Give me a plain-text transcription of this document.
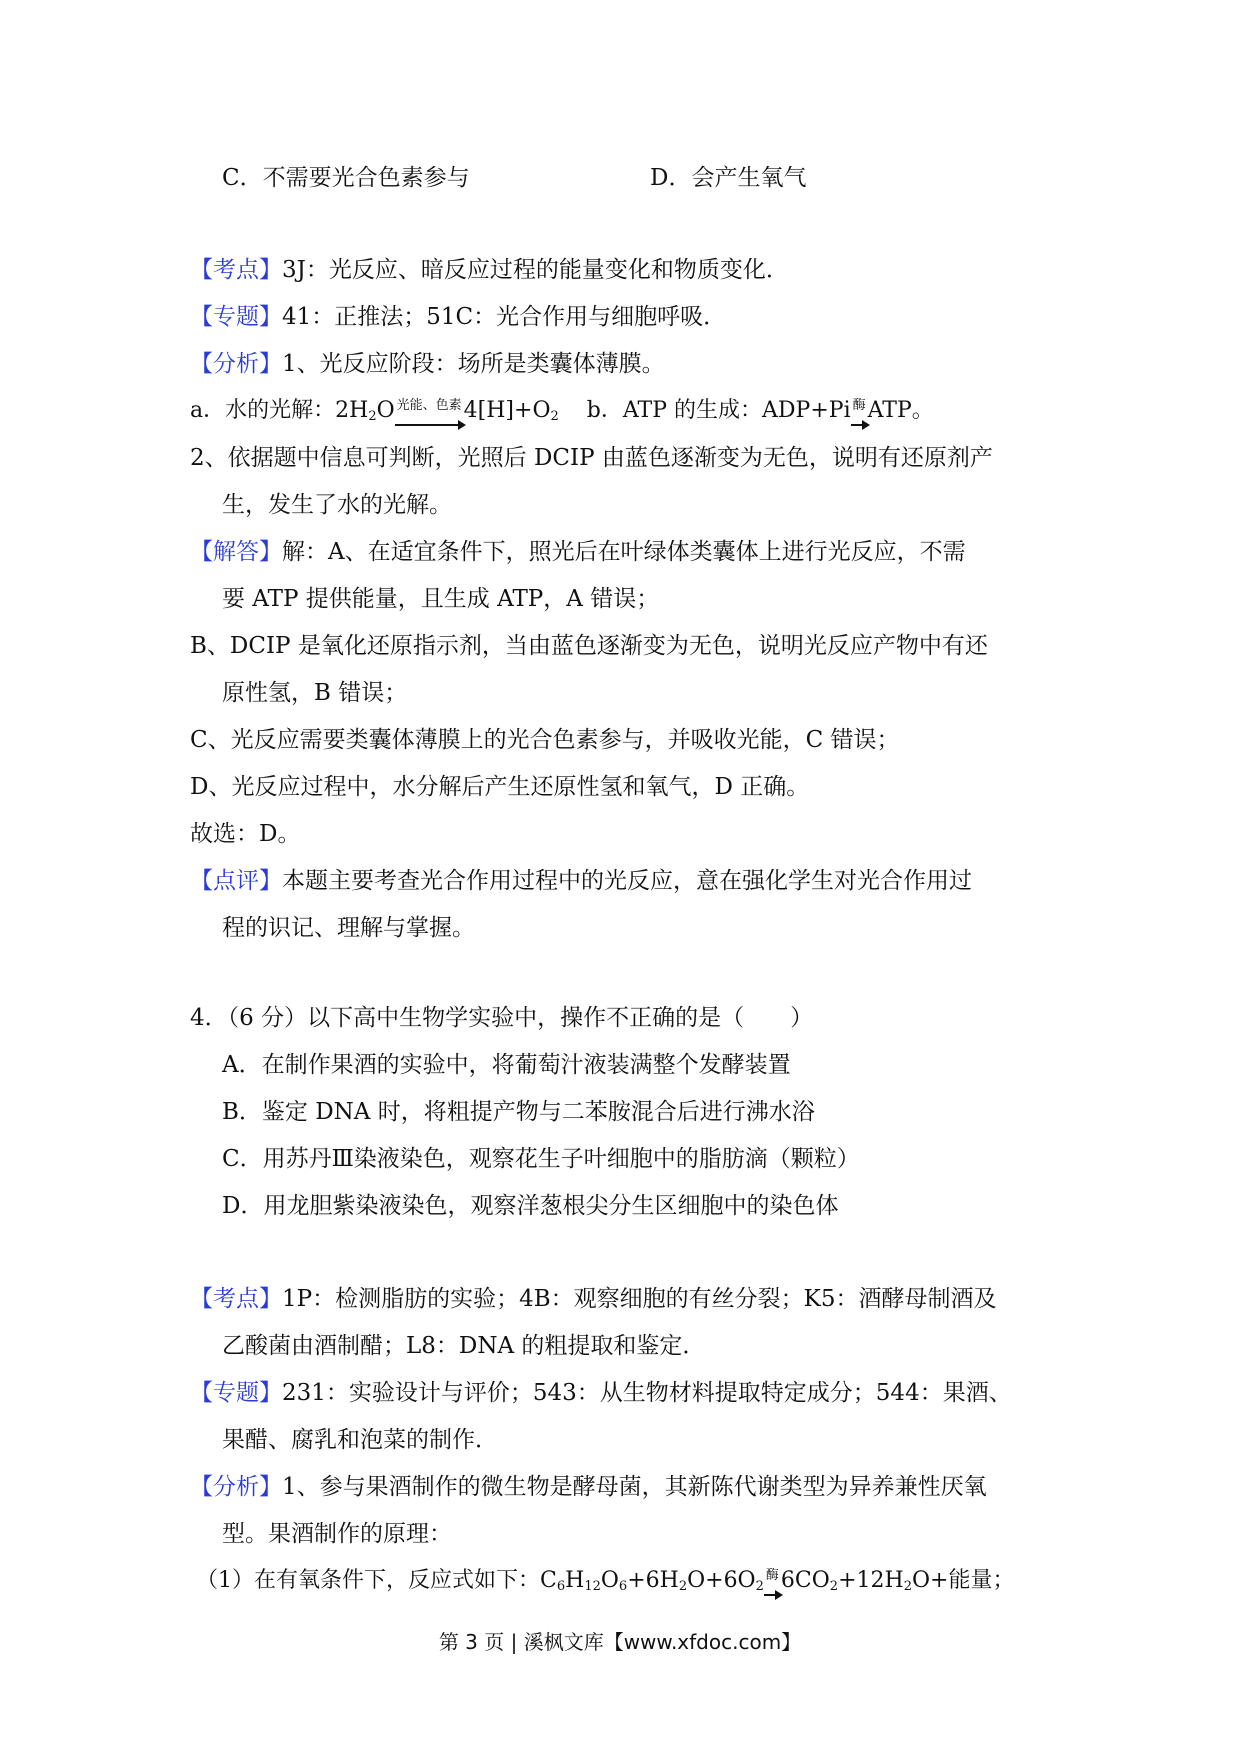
C．不需要光合色素参与	D．会产生氧气
【考点】3J：光反应、暗反应过程的能量变化和物质变化．
【专题】41：正推法；51C：光合作用与细胞呼吸．
【分析】1、光反应阶段：场所是类囊体薄膜。
a．水的光解：$2H_2O$ $^{光能、色素}$
$4[H]+O_2$ b．ATP 的生成：ADP+Pi $^酶$
ATP。
2、依据题中信息可判断，光照后 DCIP 由蓝色逐渐变为无色，说明有还原剂产
生，发生了水的光解。
【解答】解：A、在适宜条件下，照光后在叶绿体类囊体上进行光反应，不需
要 ATP 提供能量，且生成 ATP，A 错误；
B、DCIP 是氧化还原指示剂，当由蓝色逐渐变为无色，说明光反应产物中有还
原性氢，B 错误；
C、光反应需要类囊体薄膜上的光合色素参与，并吸收光能，C 错误；
D、光反应过程中，水分解后产生还原性氢和氧气，D 正确。
故选：D。
【点评】本题主要考查光合作用过程中的光反应，意在强化学生对光合作用过
程的识记、理解与掌握。
4．（6 分）以下高中生物学实验中，操作不正确的是（　　）
A．在制作果酒的实验中，将葡萄汁液装满整个发酵装置
B．鉴定 DNA 时，将粗提产物与二苯胺混合后进行沸水浴
C．用苏丹Ⅲ染液染色，观察花生子叶细胞中的脂肪滴（颗粒）
D．用龙胆紫染液染色，观察洋葱根尖分生区细胞中的染色体
【考点】1P：检测脂肪的实验；4B：观察细胞的有丝分裂；K5：酒酵母制酒及
乙酸菌由酒制醋；L8：DNA 的粗提取和鉴定．
【专题】231：实验设计与评价；543：从生物材料提取特定成分；544：果酒、
果醋、腐乳和泡菜的制作．
【分析】1、参与果酒制作的微生物是酵母菌，其新陈代谢类型为异养兼性厌氧
型。果酒制作的原理：
（1）在有氧条件下，反应式如下：$C_6H_{12}O_6+6H_2O+6O_2^酶$
$6CO_2+12H_2O+$能量；
第 3 页 | 溪枫文库【www.xfdoc.com】
